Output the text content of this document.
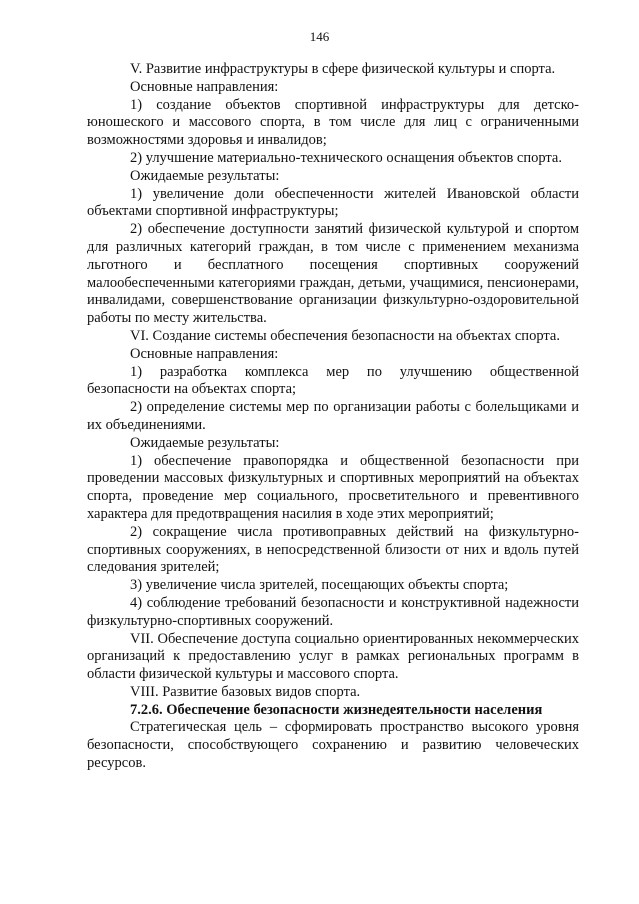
146

V. Развитие инфраструктуры в сфере физической культуры и спорта.

Основные направления:

1) создание объектов спортивной инфраструктуры для детско-юношеского и массового спорта, в том числе для лиц с ограниченными возможностями здоровья и инвалидов;

2) улучшение материально-технического оснащения объектов спорта.

Ожидаемые результаты:

1) увеличение доли обеспеченности жителей Ивановской области объектами спортивной инфраструктуры;

2) обеспечение доступности занятий физической культурой и спортом для различных категорий граждан, в том числе с применением механизма льготного и бесплатного посещения спортивных сооружений малообеспеченными категориями граждан, детьми, учащимися, пенсионерами, инвалидами, совершенствование организации физкультурно-оздоровительной работы по месту жительства.

VI. Создание системы обеспечения безопасности на объектах спорта.

Основные направления:

1) разработка комплекса мер по улучшению общественной безопасности на объектах спорта;

2) определение системы мер по организации работы с болельщиками и их объединениями.

Ожидаемые результаты:

1) обеспечение правопорядка и общественной безопасности при проведении массовых физкультурных и спортивных мероприятий на объектах спорта, проведение мер социального, просветительного и превентивного характера для предотвращения насилия в ходе этих мероприятий;

2) сокращение числа противоправных действий на физкультурно-спортивных сооружениях, в непосредственной близости от них и вдоль путей следования зрителей;

3) увеличение числа зрителей, посещающих объекты спорта;

4) соблюдение требований безопасности и конструктивной надежности физкультурно-спортивных сооружений.

VII. Обеспечение доступа социально ориентированных некоммерческих организаций к предоставлению услуг в рамках региональных программ в области физической культуры и массового спорта.

VIII. Развитие базовых видов спорта.

7.2.6. Обеспечение безопасности жизнедеятельности населения

Стратегическая цель – сформировать пространство высокого уровня безопасности, способствующего сохранению и развитию человеческих ресурсов.
